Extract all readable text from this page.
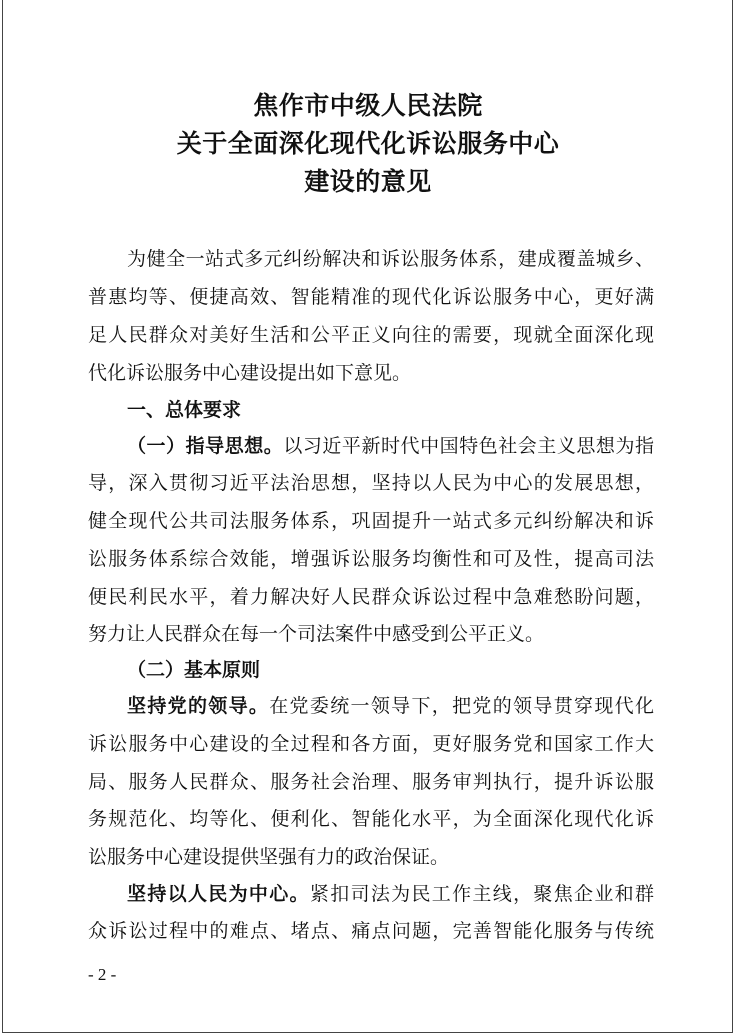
焦作市中级人民法院
关于全面深化现代化诉讼服务中心
建设的意见
为健全一站式多元纠纷解决和诉讼服务体系，建成覆盖城乡、
普惠均等、便捷高效、智能精准的现代化诉讼服务中心，更好满
足人民群众对美好生活和公平正义向往的需要，现就全面深化现
代化诉讼服务中心建设提出如下意见。
一、总体要求
（一）指导思想。以习近平新时代中国特色社会主义思想为指
导，深入贯彻习近平法治思想，坚持以人民为中心的发展思想，
健全现代公共司法服务体系，巩固提升一站式多元纠纷解决和诉
讼服务体系综合效能，增强诉讼服务均衡性和可及性，提高司法
便民利民水平，着力解决好人民群众诉讼过程中急难愁盼问题，
努力让人民群众在每一个司法案件中感受到公平正义。
（二）基本原则
坚持党的领导。在党委统一领导下，把党的领导贯穿现代化
诉讼服务中心建设的全过程和各方面，更好服务党和国家工作大
局、服务人民群众、服务社会治理、服务审判执行，提升诉讼服
务规范化、均等化、便利化、智能化水平，为全面深化现代化诉
讼服务中心建设提供坚强有力的政治保证。
坚持以人民为中心。紧扣司法为民工作主线，聚焦企业和群
众诉讼过程中的难点、堵点、痛点问题，完善智能化服务与传统
- 2 -
